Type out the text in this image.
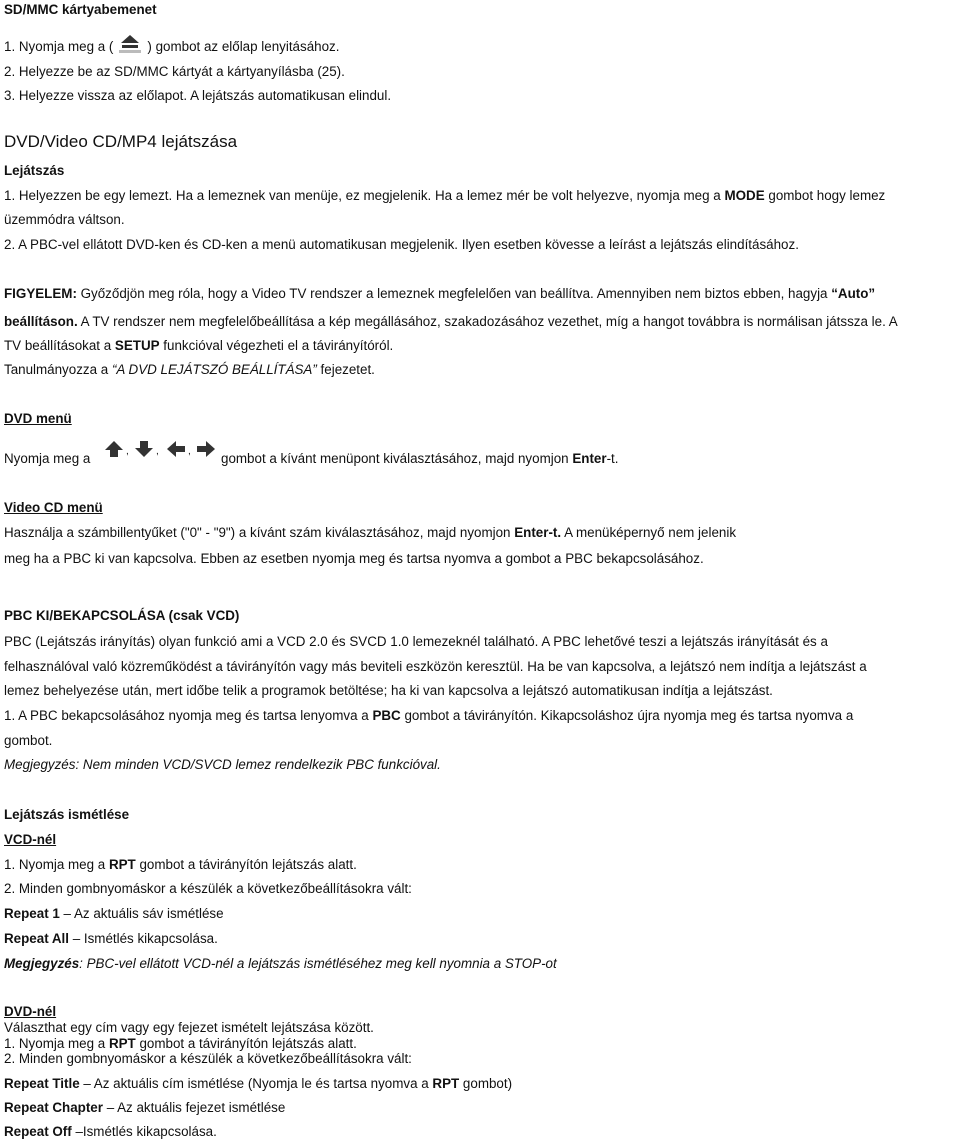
SD/MMC kártyabemenet
1. Nyomja meg a (	) gombot az előlap lenyitásához.
2. Helyezze be az SD/MMC kártyát a kártyanyílásba (25).
3. Helyezze vissza az előlapot. A lejátszás automatikusan elindul.
DVD/Video CD/MP4 lejátszása
Lejátszás
1. Helyezzen be egy lemezt. Ha a lemeznek van menüje, ez megjelenik. Ha a lemez mér be volt helyezve, nyomja meg a MODE gombot hogy lemez
üzemmódra váltson.
2. A PBC-vel ellátott DVD-ken és CD-ken a menü automatikusan megjelenik. Ilyen esetben kövesse a leírást a lejátszás elindításához.
FIGYELEM: Győződjön meg róla, hogy a Video TV rendszer a lemeznek megfelelően van beállítva. Amennyiben nem biztos ebben, hagyja “Auto”
beállításon. A TV rendszer nem megfelelőbeállítása a kép megállásához, szakadozásához vezethet, míg a hangot továbbra is normálisan játssza le. A
TV beállításokat a SETUP funkcióval végezheti el a távirányítóról.
Tanulmányozza a “A DVD LEJÁTSZÓ BEÁLLÍTÁSA” fejezetet.
DVD menü
Nyomja meg a	,	,	, gombot a kívánt menüpont kiválasztásához, majd nyomjon Enter-t.
Video CD menü
Használja a számbillentyűket ("0" - "9") a kívánt szám kiválasztásához, majd nyomjon Enter-t. A menüképernyő nem jelenik
meg ha a PBC ki van kapcsolva. Ebben az esetben nyomja meg és tartsa nyomva a gombot a PBC bekapcsolásához.
PBC KI/BEKAPCSOLÁSA (csak VCD)
PBC (Lejátszás irányítás) olyan funkció ami a VCD 2.0 és SVCD 1.0 lemezeknél található. A PBC lehetővé teszi a lejátszás irányítását és a
felhasználóval való közreműködést a távirányítón vagy más beviteli eszközön keresztül. Ha be van kapcsolva, a lejátszó nem indítja a lejátszást a
lemez behelyezése után, mert időbe telik a programok betöltése; ha ki van kapcsolva a lejátszó automatikusan indítja a lejátszást.
1. A PBC bekapcsolásához nyomja meg és tartsa lenyomva a PBC gombot a távirányítón. Kikapcsoláshoz újra nyomja meg és tartsa nyomva a
gombot.
Megjegyzés: Nem minden VCD/SVCD lemez rendelkezik PBC funkcióval.
Lejátszás ismétlése
VCD-nél
1. Nyomja meg a RPT gombot a távirányítón lejátszás alatt.
2. Minden gombnyomáskor a készülék a következőbeállításokra vált:
Repeat 1 – Az aktuális sáv ismétlése
Repeat All – Ismétlés kikapcsolása.
Megjegyzés: PBC-vel ellátott VCD-nél a lejátszás ismétléséhez meg kell nyomnia a STOP-ot
DVD-nél
Választhat egy cím vagy egy fejezet ismételt lejátszása között.
1. Nyomja meg a RPT gombot a távirányítón lejátszás alatt.
2. Minden gombnyomáskor a készülék a következőbeállításokra vált:
Repeat Title – Az aktuális cím ismétlése (Nyomja le és tartsa nyomva a RPT gombot)
Repeat Chapter – Az aktuális fejezet ismétlése
Repeat Off –Ismétlés kikapcsolása.
